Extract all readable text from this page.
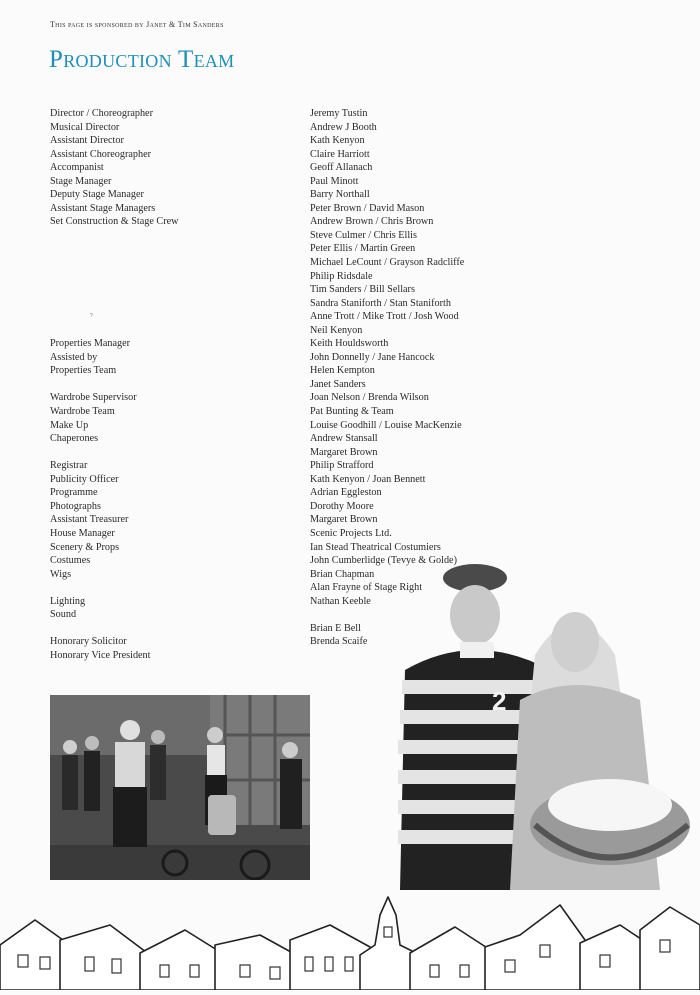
This page is sponsored by Janet & Tim Sanders
Production Team
Director / Choreographer
Musical Director
Assistant Director
Assistant Choreographer
Accompanist
Stage Manager
Deputy Stage Manager
Assistant Stage Managers
Set Construction & Stage Crew
Properties Manager
Assisted by
Properties Team
Wardrobe Supervisor
Wardrobe Team
Make Up
Chaperones
Registrar
Publicity Officer
Programme
Photographs
Assistant Treasurer
House Manager
Scenery & Props
Costumes
Wigs
Lighting
Sound
Honorary Solicitor
Honorary Vice President
Jeremy Tustin
Andrew J Booth
Kath Kenyon
Claire Harriott
Geoff Allanach
Paul Minott
Barry Northall
Peter Brown / David Mason
Andrew Brown / Chris Brown
Steve Culmer / Chris Ellis
Peter Ellis / Martin Green
Michael LeCount / Grayson Radcliffe
Philip Ridsdale
Tim Sanders / Bill Sellars
Sandra Staniforth / Stan Staniforth
Anne Trott / Mike Trott / Josh Wood
Neil Kenyon
Keith Houldsworth
John Donnelly / Jane Hancock
Helen Kempton
Janet Sanders
Joan Nelson / Brenda Wilson
Pat Bunting & Team
Louise Goodhill / Louise MacKenzie
Andrew Stansall
Margaret Brown
Philip Strafford
Kath Kenyon / Joan Bennett
Adrian Eggleston
Dorothy Moore
Margaret Brown
Scenic Projects Ltd.
Ian Stead Theatrical Costumiers
John Cumberlidge (Tevye & Golde)
Brian Chapman
Alan Frayne of Stage Right
Nathan Keeble
Brian E Bell
Brenda Scaife
?
2
